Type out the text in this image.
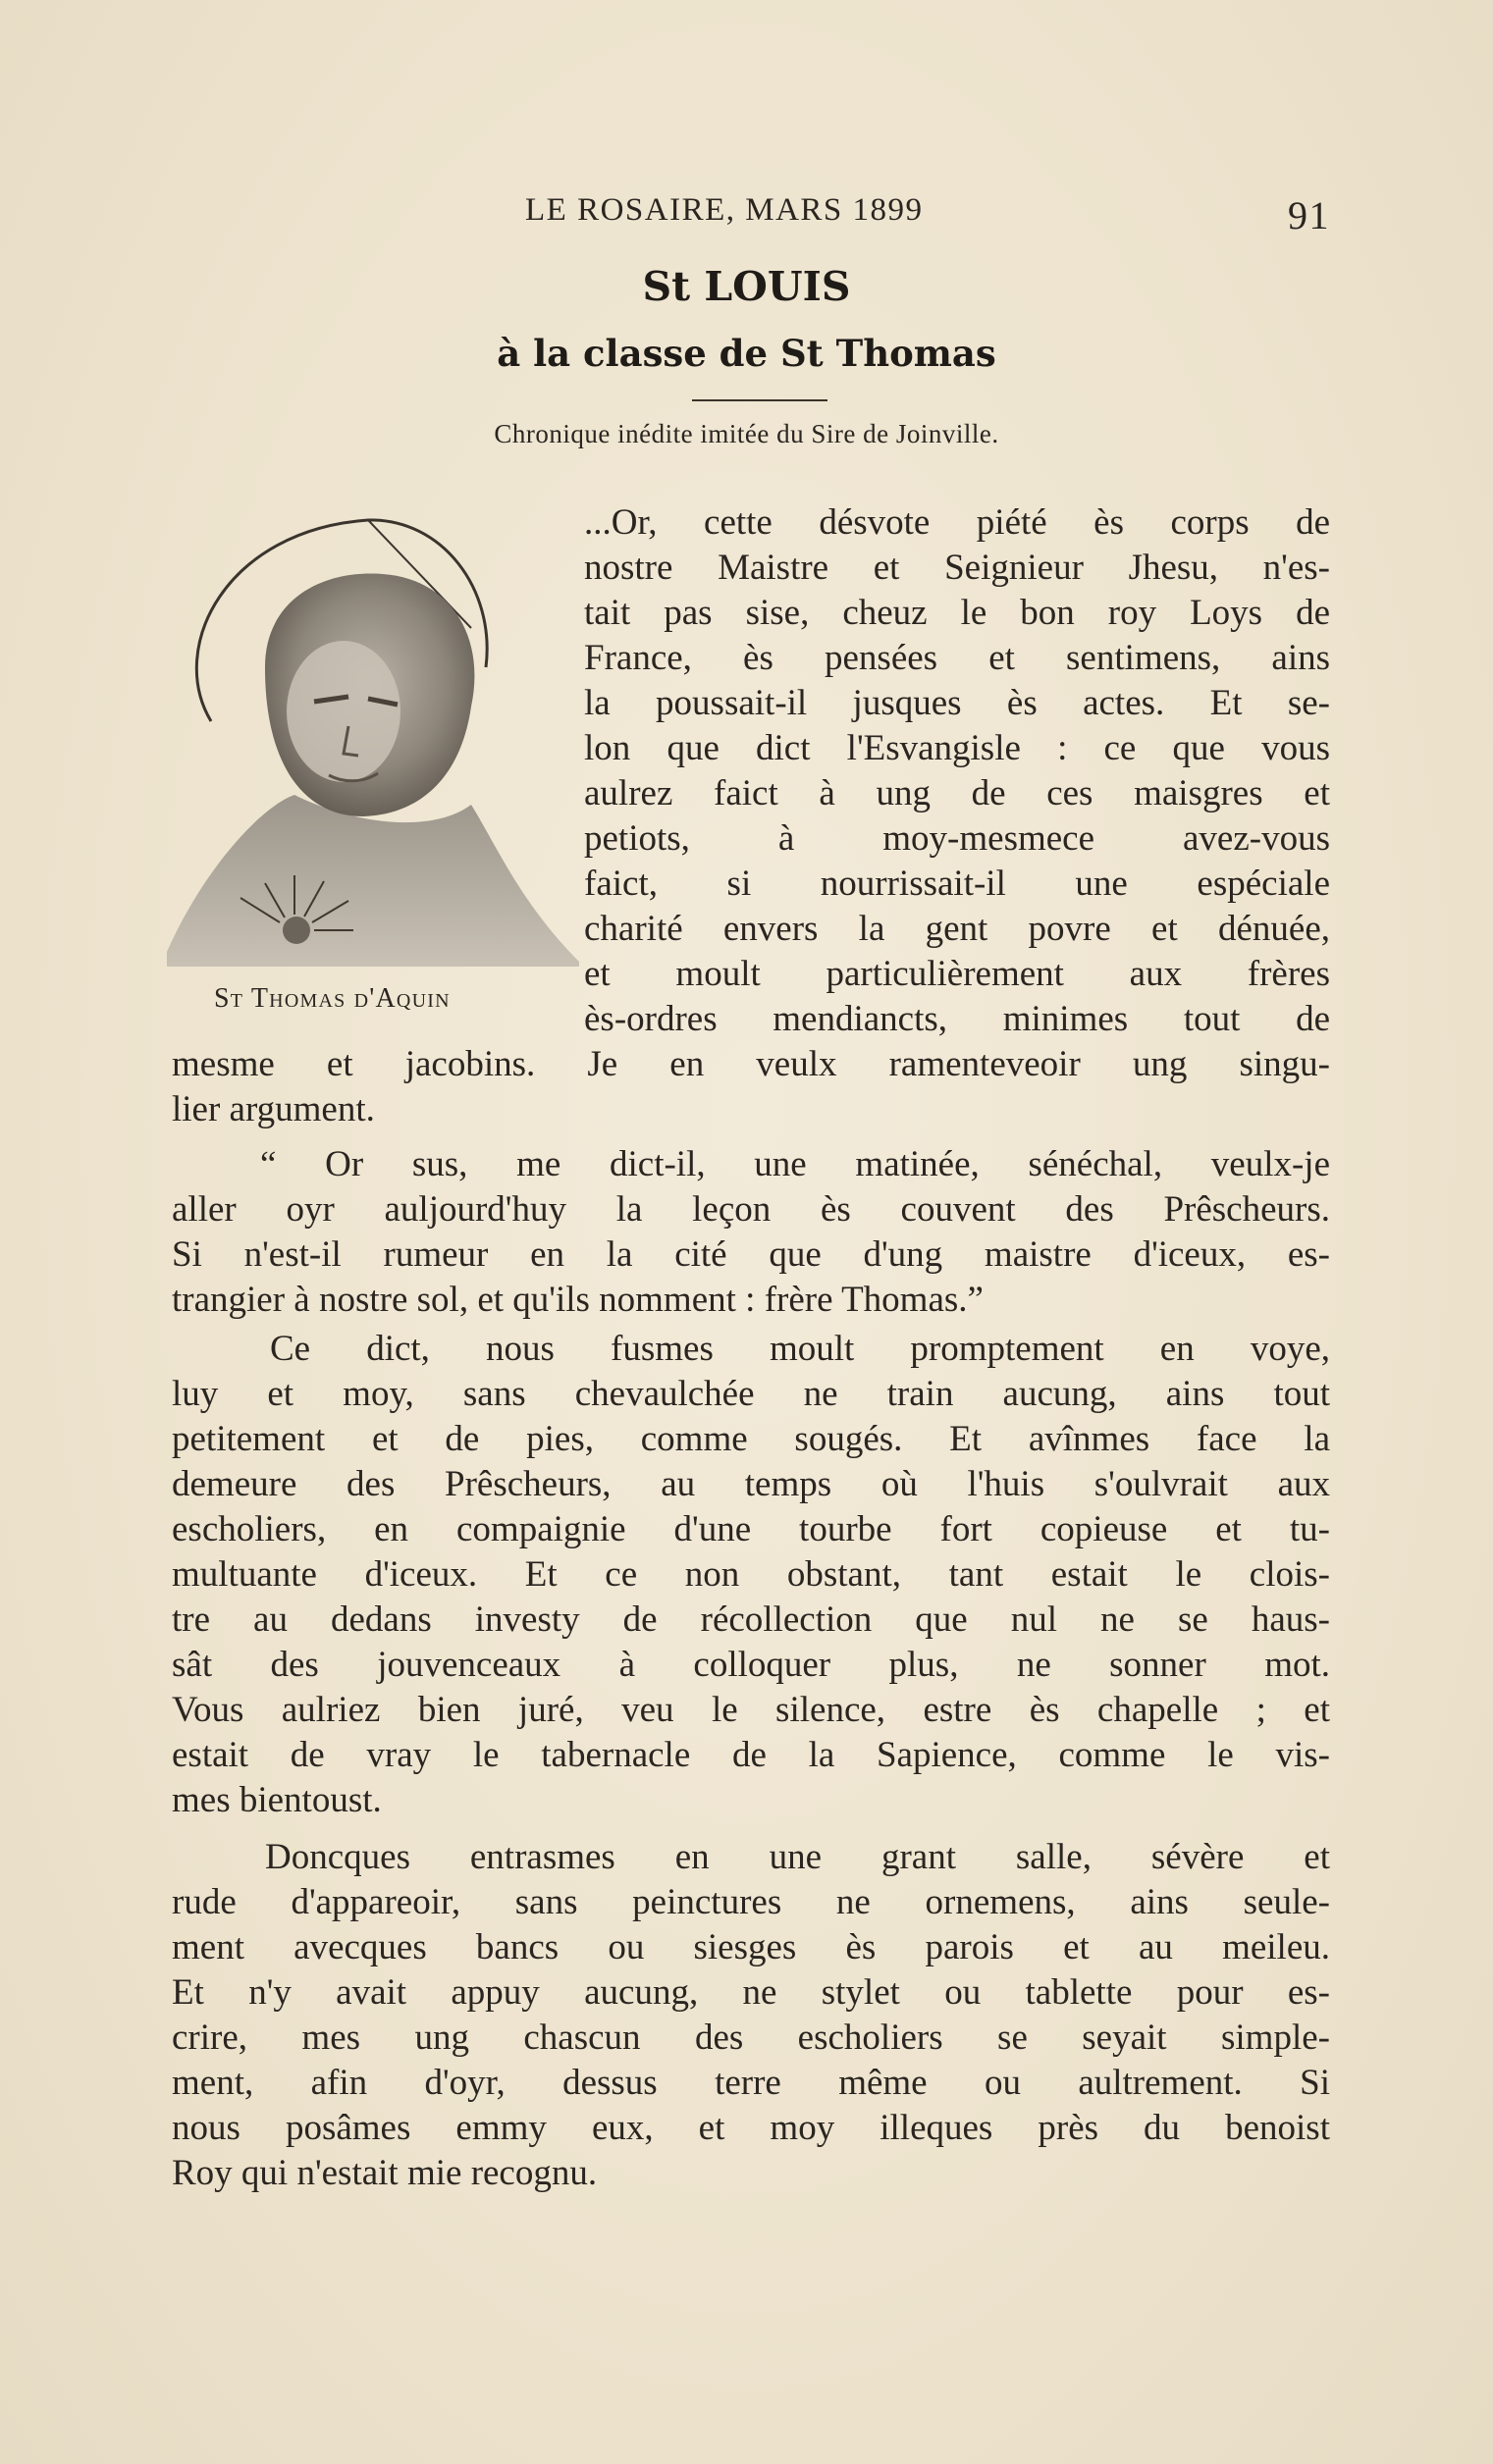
LE ROSAIRE, MARS 1899	91
St LOUIS
à la classe de St Thomas
Chronique inédite imitée du Sire de Joinville.
St Thomas d'Aquin
...Or, cette désvote piété ès corps de
nostre Maistre et Seignieur Jhesu, n'es-
tait pas sise, cheuz le bon roy Loys de
France, ès pensées et sentimens, ains
la poussait-il jusques ès actes. Et se-
lon que dict l'Esvangisle : ce que vous
aulrez faict à ung de ces maisgres et
petiots, à moy-mesmece avez-vous
faict, si nourrissait-il une espéciale
charité envers la gent povre et dénuée,
et moult particulièrement aux frères
ès-ordres mendiancts, minimes tout de
mesme et jacobins. Je en veulx ramenteveoir ung singu-
lier argument.
“ Or sus, me dict-il, une matinée, sénéchal, veulx-je
aller oyr auljourd'huy la leçon ès couvent des Prêscheurs.
Si n'est-il rumeur en la cité que d'ung maistre d'iceux, es-
trangier à nostre sol, et qu'ils nomment : frère Thomas.”
Ce dict, nous fusmes moult promptement en voye,
luy et moy, sans chevaulchée ne train aucung, ains tout
petitement et de pies, comme sougés. Et avînmes face la
demeure des Prêscheurs, au temps où l'huis s'oulvrait aux
escholiers, en compaignie d'une tourbe fort copieuse et tu-
multuante d'iceux. Et ce non obstant, tant estait le clois-
tre au dedans investy de récollection que nul ne se haus-
sât des jouvenceaux à colloquer plus, ne sonner mot.
Vous aulriez bien juré, veu le silence, estre ès chapelle ; et
estait de vray le tabernacle de la Sapience, comme le vis-
mes bientoust.
Doncques entrasmes en une grant salle, sévère et
rude d'appareoir, sans peinctures ne ornemens, ains seule-
ment avecques bancs ou siesges ès parois et au meileu.
Et n'y avait appuy aucung, ne stylet ou tablette pour es-
crire, mes ung chascun des escholiers se seyait simple-
ment, afin d'oyr, dessus terre même ou aultrement. Si
nous posâmes emmy eux, et moy illeques près du benoist
Roy qui n'estait mie recognu.
